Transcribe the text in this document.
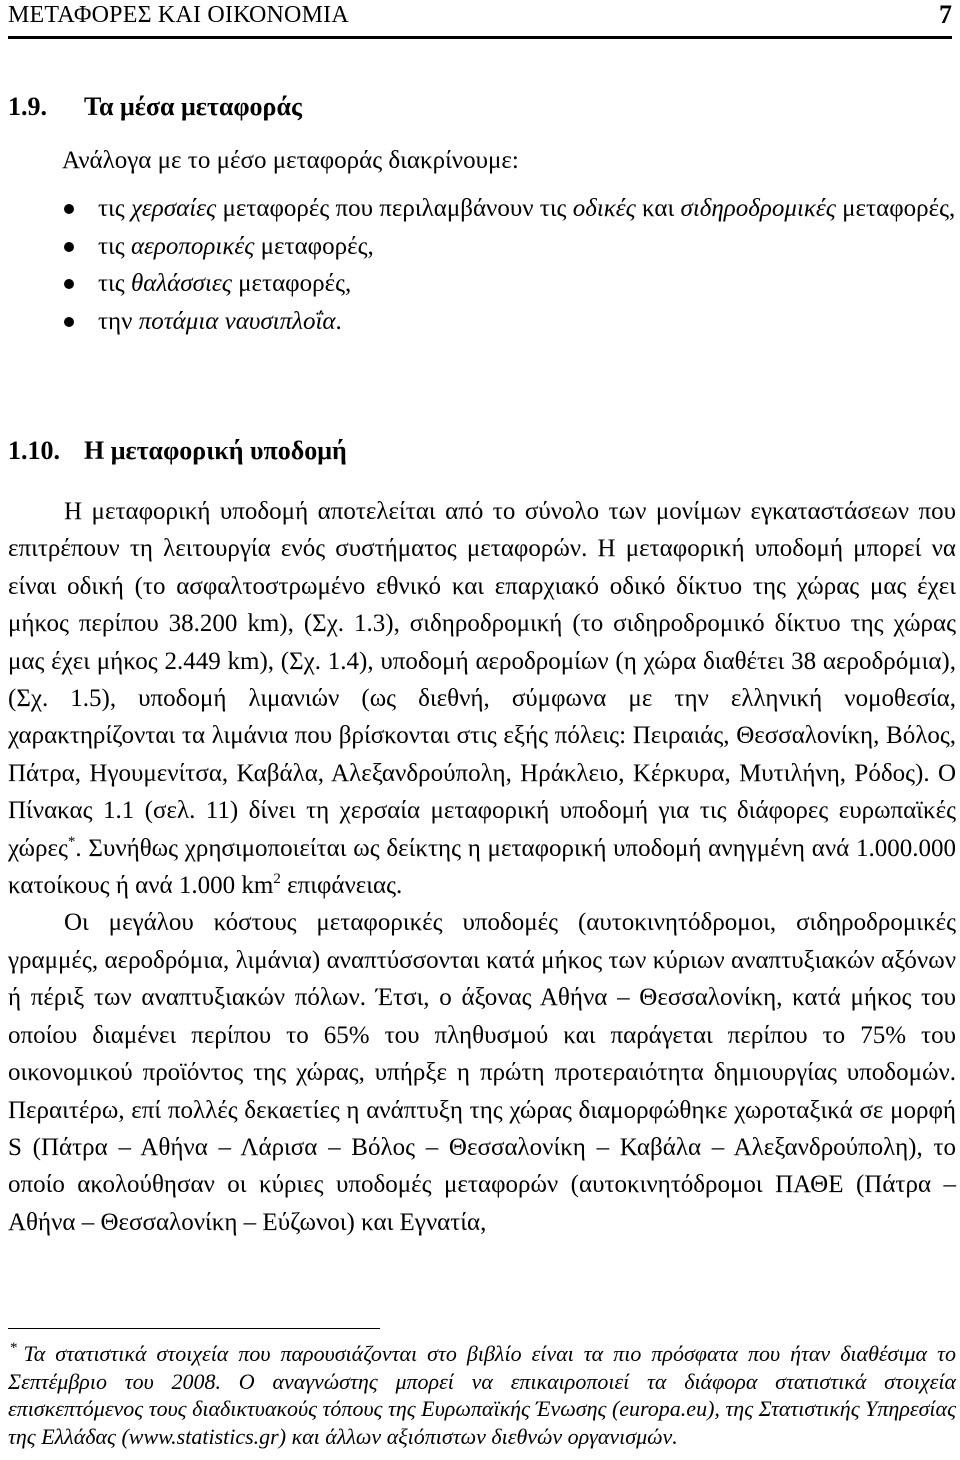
ΜΕΤΑΦΟΡΕΣ ΚΑΙ ΟΙΚΟΝΟΜΙΑ	7
1.9. Τα μέσα μεταφοράς
Ανάλογα με το μέσο μεταφοράς διακρίνουμε:
τις χερσαίες μεταφορές που περιλαμβάνουν τις οδικές και σιδηροδρομικές μεταφορές,
τις αεροπορικές μεταφορές,
τις θαλάσσιες μεταφορές,
την ποτάμια ναυσιπλοΐα.
1.10. Η μεταφορική υποδομή

Η μεταφορική υποδομή αποτελείται από το σύνολο των μονίμων εγκαταστάσεων που επιτρέπουν τη λειτουργία ενός συστήματος μεταφορών. Η μεταφορική υποδομή μπορεί να είναι οδική (το ασφαλτοστρωμένο εθνικό και επαρχιακό οδικό δίκτυο της χώρας μας έχει μήκος περίπου 38.200 km), (Σχ. 1.3), σιδηροδρομική (το σιδηροδρομικό δίκτυο της χώρας μας έχει μήκος 2.449 km), (Σχ. 1.4), υποδομή αεροδρομίων (η χώρα διαθέτει 38 αεροδρόμια), (Σχ. 1.5), υποδομή λιμανιών (ως διεθνή, σύμφωνα με την ελληνική νομοθεσία, χαρακτηρίζονται τα λιμάνια που βρίσκονται στις εξής πόλεις: Πειραιάς, Θεσσαλονίκη, Βόλος, Πάτρα, Ηγουμενίτσα, Καβάλα, Αλεξανδρούπολη, Ηράκλειο, Κέρκυρα, Μυτιλήνη, Ρόδος). Ο Πίνακας 1.1 (σελ. 11) δίνει τη χερσαία μεταφορική υποδομή για τις διάφορες ευρωπαϊκές χώρες*. Συνήθως χρησιμοποιείται ως δείκτης η μεταφορική υποδομή ανηγμένη ανά 1.000.000 κατοίκους ή ανά 1.000 $km^2$ επιφάνειας.

Οι μεγάλου κόστους μεταφορικές υποδομές (αυτοκινητόδρομοι, σιδηροδρομικές γραμμές, αεροδρόμια, λιμάνια) αναπτύσσονται κατά μήκος των κύριων αναπτυξιακών αξόνων ή πέριξ των αναπτυξιακών πόλων. Έτσι, ο άξονας Αθήνα – Θεσσαλονίκη, κατά μήκος του οποίου διαμένει περίπου το 65% του πληθυσμού και παράγεται περίπου το 75% του οικονομικού προϊόντος της χώρας, υπήρξε η πρώτη προτεραιότητα δημιουργίας υποδομών. Περαιτέρω, επί πολλές δεκαετίες η ανάπτυξη της χώρας διαμορφώθηκε χωροταξικά σε μορφή S (Πάτρα – Αθήνα – Λάρισα – Βόλος – Θεσσαλονίκη – Καβάλα – Αλεξανδρούπολη), το οποίο ακολούθησαν οι κύριες υποδομές μεταφορών (αυτοκινητόδρομοι ΠΑΘΕ (Πάτρα – Αθήνα – Θεσσαλονίκη – Εύζωνοι) και Εγνατία,

* Τα στατιστικά στοιχεία που παρουσιάζονται στο βιβλίο είναι τα πιο πρόσφατα που ήταν διαθέσιμα το Σεπτέμβριο του 2008. Ο αναγνώστης μπορεί να επικαιροποιεί τα διάφορα στατιστικά στοιχεία επισκεπτόμενος τους διαδικτυακούς τόπους της Ευρωπαϊκής Ένωσης (europa.eu), της Στατιστικής Υπηρεσίας της Ελλάδας (www.statistics.gr) και άλλων αξιόπιστων διεθνών οργανισμών.
